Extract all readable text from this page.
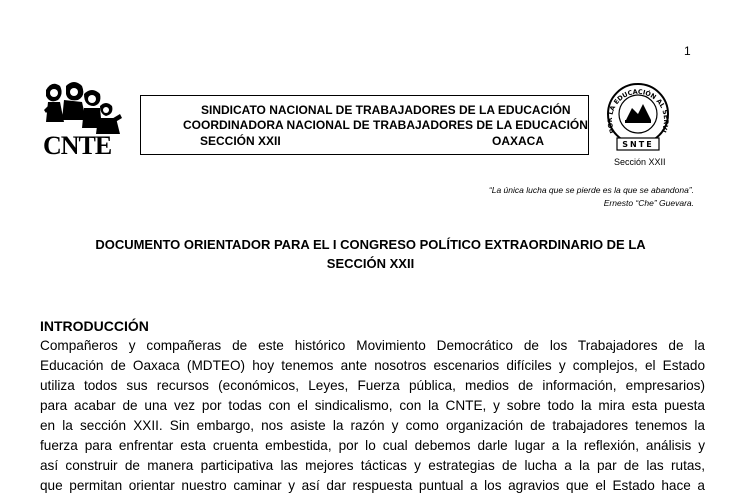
1
CNTE
SINDICATO NACIONAL DE TRABAJADORES DE LA EDUCACIÓN
COORDINADORA NACIONAL DE TRABAJADORES DE LA EDUCACIÓN
SECCIÓN XXII	OAXACA
POR LA EDUCACIÓN AL SERVI
SNTE
Sección XXII
“La única lucha que se pierde es la que se abandona”.
Ernesto “Che” Guevara.
DOCUMENTO ORIENTADOR PARA EL I CONGRESO POLÍTICO EXTRAORDINARIO DE LA
SECCIÓN XXII
INTRODUCCIÓN
Compañeros y compañeras de este histórico Movimiento Democrático de los Trabajadores de la
Educación de Oaxaca (MDTEO) hoy tenemos ante nosotros escenarios difíciles y complejos, el Estado
utiliza todos sus recursos (económicos, Leyes, Fuerza pública, medios de información, empresarios)
para acabar de una vez por todas con el sindicalismo, con la CNTE, y sobre todo la mira esta puesta
en la sección XXII. Sin embargo, nos asiste la razón y como organización de trabajadores tenemos la
fuerza para enfrentar esta cruenta embestida, por lo cual debemos darle lugar a la reflexión, análisis y
así construir de manera participativa las mejores tácticas y estrategias de lucha a la par de las rutas,
que permitan orientar nuestro caminar y así dar respuesta puntual a los agravios que el Estado hace a
